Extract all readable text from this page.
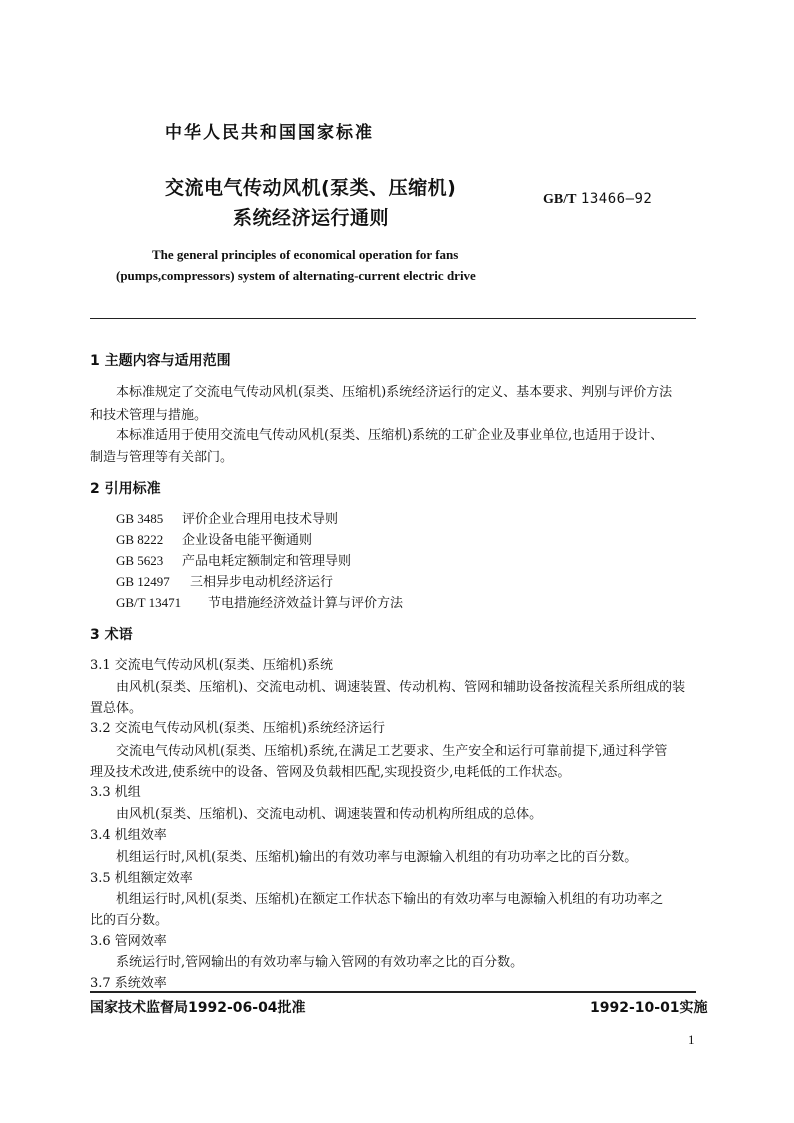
中华人民共和国国家标准
交流电气传动风机(泵类、压缩机)
系统经济运行通则
GB/T 13466—92
The general principles of economical operation for fans
(pumps,compressors) system of alternating-current electric drive
1 主题内容与适用范围
本标准规定了交流电气传动风机(泵类、压缩机)系统经济运行的定义、基本要求、判别与评价方法
和技术管理与措施。
本标准适用于使用交流电气传动风机(泵类、压缩机)系统的工矿企业及事业单位,也适用于设计、
制造与管理等有关部门。
2 引用标准
GB 3485 评价企业合理用电技术导则
GB 8222 企业设备电能平衡通则
GB 5623 产品电耗定额制定和管理导则
GB 12497 三相异步电动机经济运行
GB/T 13471 节电措施经济效益计算与评价方法
3 术语
3.1 交流电气传动风机(泵类、压缩机)系统
由风机(泵类、压缩机)、交流电动机、调速装置、传动机构、管网和辅助设备按流程关系所组成的装
置总体。
3.2 交流电气传动风机(泵类、压缩机)系统经济运行
交流电气传动风机(泵类、压缩机)系统,在满足工艺要求、生产安全和运行可靠前提下,通过科学管
理及技术改进,使系统中的设备、管网及负载相匹配,实现投资少,电耗低的工作状态。
3.3 机组
由风机(泵类、压缩机)、交流电动机、调速装置和传动机构所组成的总体。
3.4 机组效率
机组运行时,风机(泵类、压缩机)输出的有效功率与电源输入机组的有功功率之比的百分数。
3.5 机组额定效率
机组运行时,风机(泵类、压缩机)在额定工作状态下输出的有效功率与电源输入机组的有功功率之
比的百分数。
3.6 管网效率
系统运行时,管网输出的有效功率与输入管网的有效功率之比的百分数。
3.7 系统效率
国家技术监督局1992-06-04批准	1992-10-01实施
1
